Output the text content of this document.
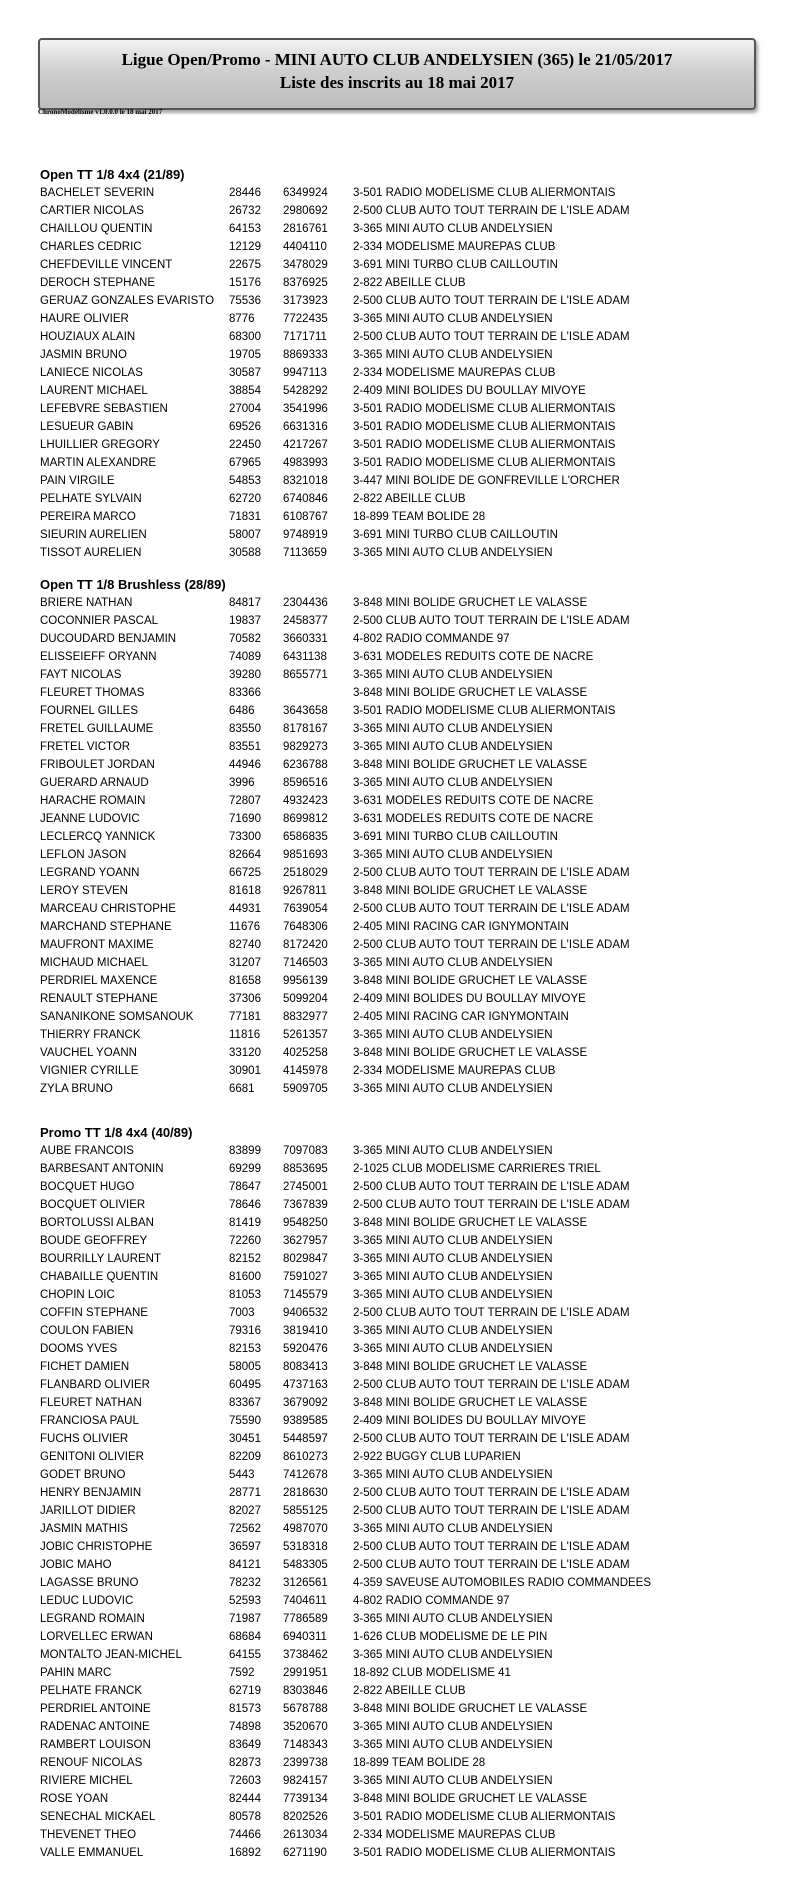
Ligue Open/Promo - MINI AUTO CLUB ANDELYSIEN (365) le 21/05/2017
Liste des inscrits au 18 mai 2017
ChronoModélisme v1.0.0.0 le 18 mai 2017
Open TT 1/8 4x4 (21/89)
BACHELET SEVERIN	28446 6349924 3-501 RADIO MODELISME CLUB ALIERMONTAIS
CARTIER NICOLAS	26732 2980692 2-500 CLUB AUTO TOUT TERRAIN DE L'ISLE ADAM
CHAILLOU QUENTIN	64153 2816761 3-365 MINI AUTO CLUB ANDELYSIEN
CHARLES CEDRIC	12129 4404110 2-334 MODELISME MAUREPAS CLUB
CHEFDEVILLE VINCENT	22675 3478029 3-691 MINI TURBO CLUB CAILLOUTIN
DEROCH STEPHANE	15176 8376925 2-822 ABEILLE CLUB
GERUAZ GONZALES EVARISTO 75536 3173923 2-500 CLUB AUTO TOUT TERRAIN DE L'ISLE ADAM
HAURE OLIVIER	8776 7722435 3-365 MINI AUTO CLUB ANDELYSIEN
HOUZIAUX ALAIN	68300 7171711 2-500 CLUB AUTO TOUT TERRAIN DE L'ISLE ADAM
JASMIN BRUNO	19705 8869333 3-365 MINI AUTO CLUB ANDELYSIEN
LANIECE NICOLAS	30587 9947113 2-334 MODELISME MAUREPAS CLUB
LAURENT MICHAEL	38854 5428292 2-409 MINI BOLIDES DU BOULLAY MIVOYE
LEFEBVRE SEBASTIEN	27004 3541996 3-501 RADIO MODELISME CLUB ALIERMONTAIS
LESUEUR GABIN	69526 6631316 3-501 RADIO MODELISME CLUB ALIERMONTAIS
LHUILLIER GREGORY	22450 4217267 3-501 RADIO MODELISME CLUB ALIERMONTAIS
MARTIN ALEXANDRE	67965 4983993 3-501 RADIO MODELISME CLUB ALIERMONTAIS
PAIN VIRGILE	54853 8321018 3-447 MINI BOLIDE DE GONFREVILLE L'ORCHER
PELHATE SYLVAIN	62720 6740846 2-822 ABEILLE CLUB
PEREIRA MARCO	71831 6108767 18-899 TEAM BOLIDE 28
SIEURIN AURELIEN	58007 9748919 3-691 MINI TURBO CLUB CAILLOUTIN
TISSOT AURELIEN	30588 7113659 3-365 MINI AUTO CLUB ANDELYSIEN
Open TT 1/8 Brushless (28/89)
BRIERE NATHAN	84817 2304436 3-848 MINI BOLIDE GRUCHET LE VALASSE
COCONNIER PASCAL	19837 2458377 2-500 CLUB AUTO TOUT TERRAIN DE L'ISLE ADAM
DUCOUDARD BENJAMIN	70582 3660331 4-802 RADIO COMMANDE 97
ELISSEIEFF ORYANN	74089 6431138 3-631 MODELES REDUITS COTE DE NACRE
FAYT NICOLAS	39280 8655771 3-365 MINI AUTO CLUB ANDELYSIEN
FLEURET THOMAS	83366	3-848 MINI BOLIDE GRUCHET LE VALASSE
FOURNEL GILLES	6486 3643658 3-501 RADIO MODELISME CLUB ALIERMONTAIS
FRETEL GUILLAUME	83550 8178167 3-365 MINI AUTO CLUB ANDELYSIEN
FRETEL VICTOR	83551 9829273 3-365 MINI AUTO CLUB ANDELYSIEN
FRIBOULET JORDAN	44946 6236788 3-848 MINI BOLIDE GRUCHET LE VALASSE
GUERARD ARNAUD	3996 8596516 3-365 MINI AUTO CLUB ANDELYSIEN
HARACHE ROMAIN	72807 4932423 3-631 MODELES REDUITS COTE DE NACRE
JEANNE LUDOVIC	71690 8699812 3-631 MODELES REDUITS COTE DE NACRE
LECLERCQ YANNICK	73300 6586835 3-691 MINI TURBO CLUB CAILLOUTIN
LEFLON JASON	82664 9851693 3-365 MINI AUTO CLUB ANDELYSIEN
LEGRAND YOANN	66725 2518029 2-500 CLUB AUTO TOUT TERRAIN DE L'ISLE ADAM
LEROY STEVEN	81618 9267811 3-848 MINI BOLIDE GRUCHET LE VALASSE
MARCEAU CHRISTOPHE	44931 7639054 2-500 CLUB AUTO TOUT TERRAIN DE L'ISLE ADAM
MARCHAND STEPHANE	11676 7648306 2-405 MINI RACING CAR IGNYMONTAIN
MAUFRONT MAXIME	82740 8172420 2-500 CLUB AUTO TOUT TERRAIN DE L'ISLE ADAM
MICHAUD MICHAEL	31207 7146503 3-365 MINI AUTO CLUB ANDELYSIEN
PERDRIEL MAXENCE	81658 9956139 3-848 MINI BOLIDE GRUCHET LE VALASSE
RENAULT STEPHANE	37306 5099204 2-409 MINI BOLIDES DU BOULLAY MIVOYE
SANANIKONE SOMSANOUK	77181 8832977 2-405 MINI RACING CAR IGNYMONTAIN
THIERRY FRANCK	11816 5261357 3-365 MINI AUTO CLUB ANDELYSIEN
VAUCHEL YOANN	33120 4025258 3-848 MINI BOLIDE GRUCHET LE VALASSE
VIGNIER CYRILLE	30901 4145978 2-334 MODELISME MAUREPAS CLUB
ZYLA BRUNO	6681 5909705 3-365 MINI AUTO CLUB ANDELYSIEN
Promo TT 1/8 4x4 (40/89)
AUBE FRANCOIS	83899 7097083 3-365 MINI AUTO CLUB ANDELYSIEN
BARBESANT ANTONIN	69299 8853695 2-1025 CLUB MODELISME CARRIERES TRIEL
BOCQUET HUGO	78647 2745001 2-500 CLUB AUTO TOUT TERRAIN DE L'ISLE ADAM
BOCQUET OLIVIER	78646 7367839 2-500 CLUB AUTO TOUT TERRAIN DE L'ISLE ADAM
BORTOLUSSI ALBAN	81419 9548250 3-848 MINI BOLIDE GRUCHET LE VALASSE
BOUDE GEOFFREY	72260 3627957 3-365 MINI AUTO CLUB ANDELYSIEN
BOURRILLY LAURENT	82152 8029847 3-365 MINI AUTO CLUB ANDELYSIEN
CHABAILLE QUENTIN	81600 7591027 3-365 MINI AUTO CLUB ANDELYSIEN
CHOPIN LOIC	81053 7145579 3-365 MINI AUTO CLUB ANDELYSIEN
COFFIN STEPHANE	7003 9406532 2-500 CLUB AUTO TOUT TERRAIN DE L'ISLE ADAM
COULON FABIEN	79316 3819410 3-365 MINI AUTO CLUB ANDELYSIEN
DOOMS YVES	82153 5920476 3-365 MINI AUTO CLUB ANDELYSIEN
FICHET DAMIEN	58005 8083413 3-848 MINI BOLIDE GRUCHET LE VALASSE
FLANBARD OLIVIER	60495 4737163 2-500 CLUB AUTO TOUT TERRAIN DE L'ISLE ADAM
FLEURET NATHAN	83367 3679092 3-848 MINI BOLIDE GRUCHET LE VALASSE
FRANCIOSA PAUL	75590 9389585 2-409 MINI BOLIDES DU BOULLAY MIVOYE
FUCHS OLIVIER	30451 5448597 2-500 CLUB AUTO TOUT TERRAIN DE L'ISLE ADAM
GENITONI OLIVIER	82209 8610273 2-922 BUGGY CLUB LUPARIEN
GODET BRUNO	5443 7412678 3-365 MINI AUTO CLUB ANDELYSIEN
HENRY BENJAMIN	28771 2818630 2-500 CLUB AUTO TOUT TERRAIN DE L'ISLE ADAM
JARILLOT DIDIER	82027 5855125 2-500 CLUB AUTO TOUT TERRAIN DE L'ISLE ADAM
JASMIN MATHIS	72562 4987070 3-365 MINI AUTO CLUB ANDELYSIEN
JOBIC CHRISTOPHE	36597 5318318 2-500 CLUB AUTO TOUT TERRAIN DE L'ISLE ADAM
JOBIC MAHO	84121 5483305 2-500 CLUB AUTO TOUT TERRAIN DE L'ISLE ADAM
LAGASSE BRUNO	78232 3126561 4-359 SAVEUSE AUTOMOBILES RADIO COMMANDEES
LEDUC LUDOVIC	52593 7404611 4-802 RADIO COMMANDE 97
LEGRAND ROMAIN	71987 7786589 3-365 MINI AUTO CLUB ANDELYSIEN
LORVELLEC ERWAN	68684 6940311 1-626 CLUB MODELISME DE LE PIN
MONTALTO JEAN-MICHEL	64155 3738462 3-365 MINI AUTO CLUB ANDELYSIEN
PAHIN MARC	7592 2991951 18-892 CLUB MODELISME 41
PELHATE FRANCK	62719 8303846 2-822 ABEILLE CLUB
PERDRIEL ANTOINE	81573 5678788 3-848 MINI BOLIDE GRUCHET LE VALASSE
RADENAC ANTOINE	74898 3520670 3-365 MINI AUTO CLUB ANDELYSIEN
RAMBERT LOUISON	83649 7148343 3-365 MINI AUTO CLUB ANDELYSIEN
RENOUF NICOLAS	82873 2399738 18-899 TEAM BOLIDE 28
RIVIERE MICHEL	72603 9824157 3-365 MINI AUTO CLUB ANDELYSIEN
ROSE YOAN	82444 7739134 3-848 MINI BOLIDE GRUCHET LE VALASSE
SENECHAL MICKAEL	80578 8202526 3-501 RADIO MODELISME CLUB ALIERMONTAIS
THEVENET THEO	74466 2613034 2-334 MODELISME MAUREPAS CLUB
VALLE EMMANUEL	16892 6271190 3-501 RADIO MODELISME CLUB ALIERMONTAIS
